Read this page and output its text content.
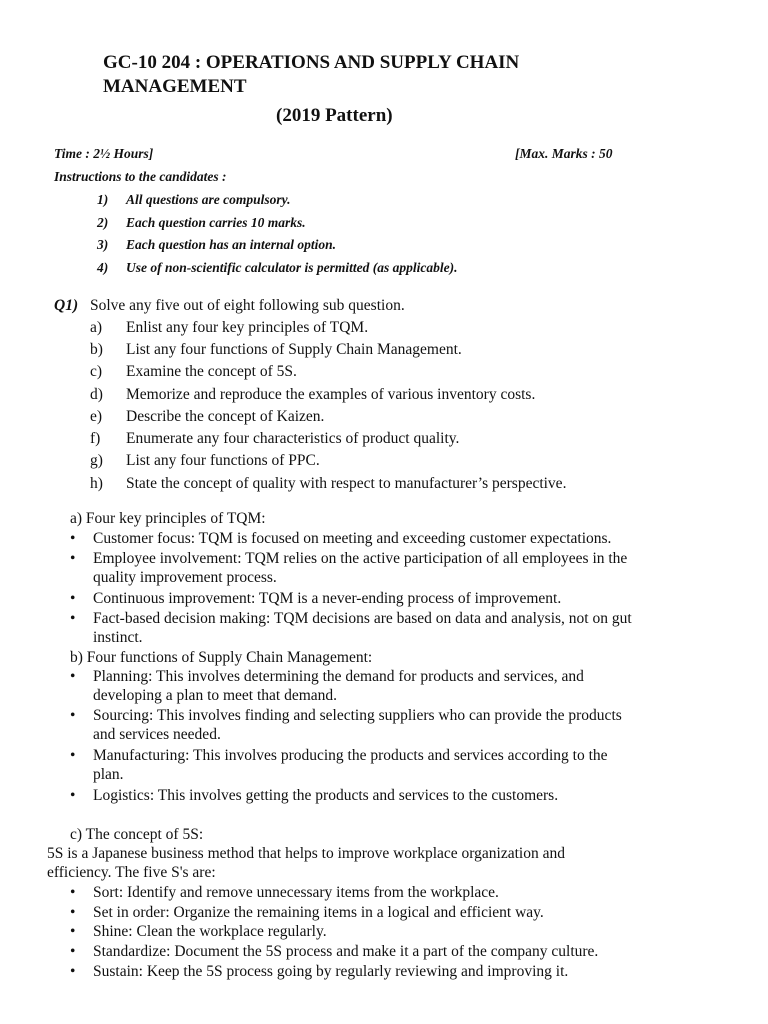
GC-10 204 : OPERATIONS AND SUPPLY CHAIN
MANAGEMENT
(2019 Pattern)
Time : 2½ Hours]	[Max. Marks : 50
Instructions to the candidates :
1)	All questions are compulsory.
2)	Each question carries 10 marks.
3)	Each question has an internal option.
4)	Use of non-scientific calculator is permitted (as applicable).
Q1) Solve any five out of eight following sub question.
a)	Enlist any four key principles of TQM.
b)	List any four functions of Supply Chain Management.
c)	Examine the concept of 5S.
d)	Memorize and reproduce the examples of various inventory costs.
e)	Describe the concept of Kaizen.
f)	Enumerate any four characteristics of product quality.
g)	List any four functions of PPC.
h)	State the concept of quality with respect to manufacturer’s perspective.
a) Four key principles of TQM:
• Customer focus: TQM is focused on meeting and exceeding customer expectations.
• Employee involvement: TQM relies on the active participation of all employees in the
quality improvement process.
• Continuous improvement: TQM is a never-ending process of improvement.
• Fact-based decision making: TQM decisions are based on data and analysis, not on gut
instinct.
b) Four functions of Supply Chain Management:
• Planning: This involves determining the demand for products and services, and
developing a plan to meet that demand.
• Sourcing: This involves finding and selecting suppliers who can provide the products
and services needed.
• Manufacturing: This involves producing the products and services according to the
plan.
• Logistics: This involves getting the products and services to the customers.
c) The concept of 5S:
5S is a Japanese business method that helps to improve workplace organization and
efficiency. The five S's are:
• Sort: Identify and remove unnecessary items from the workplace.
• Set in order: Organize the remaining items in a logical and efficient way.
• Shine: Clean the workplace regularly.
• Standardize: Document the 5S process and make it a part of the company culture.
• Sustain: Keep the 5S process going by regularly reviewing and improving it.
